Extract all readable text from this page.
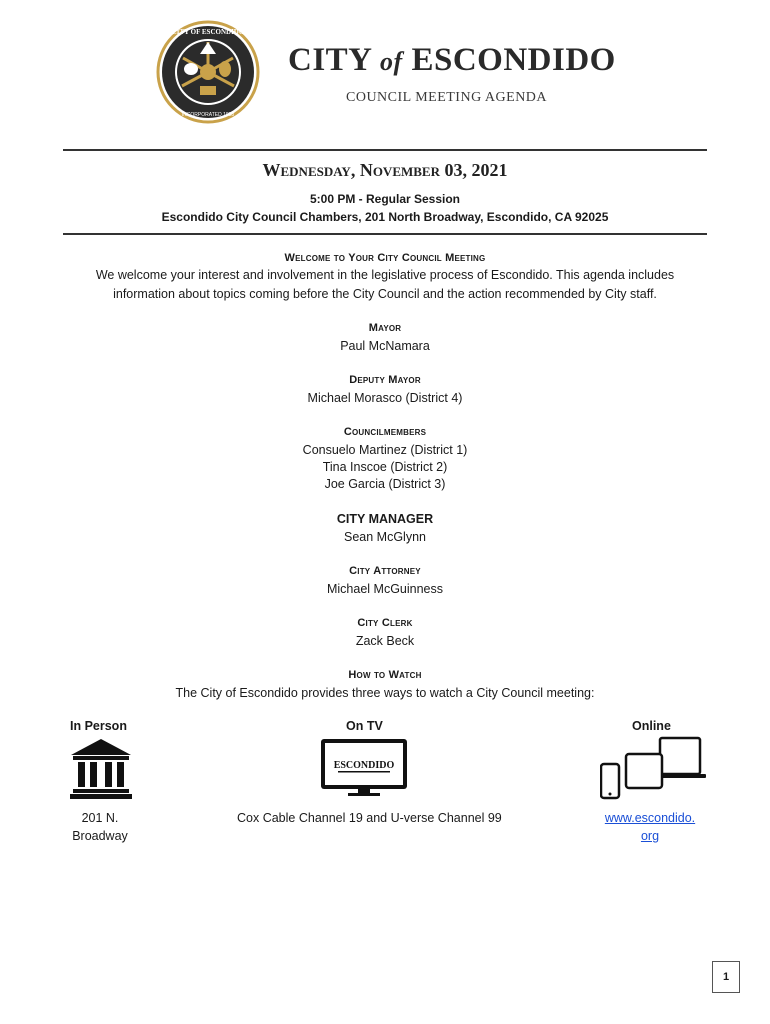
CITY OF ESCONDIDO
INCORPORATED 1888
CITY of ESCONDIDO
COUNCIL MEETING AGENDA
Wednesday, November 03, 2021
5:00 PM - Regular Session
Escondido City Council Chambers, 201 North Broadway, Escondido, CA 92025
Welcome to Your City Council Meeting
We welcome your interest and involvement in the legislative process of Escondido. This agenda includes
information about topics coming before the City Council and the action recommended by City staff.
Mayor
Paul McNamara
Deputy Mayor
Michael Morasco (District 4)
Councilmembers
Consuelo Martinez (District 1)
Tina Inscoe (District 2)
Joe Garcia (District 3)
CITY MANAGER
Sean McGlynn
City Attorney
Michael McGuinness
City Clerk
Zack Beck
How to Watch
The City of Escondido provides three ways to watch a City Council meeting:
In Person
201 N.
Broadway
On TV
ESCONDIDO
Cox Cable Channel 19 and U-verse Channel 99
Online
www.escondido.
org
1
